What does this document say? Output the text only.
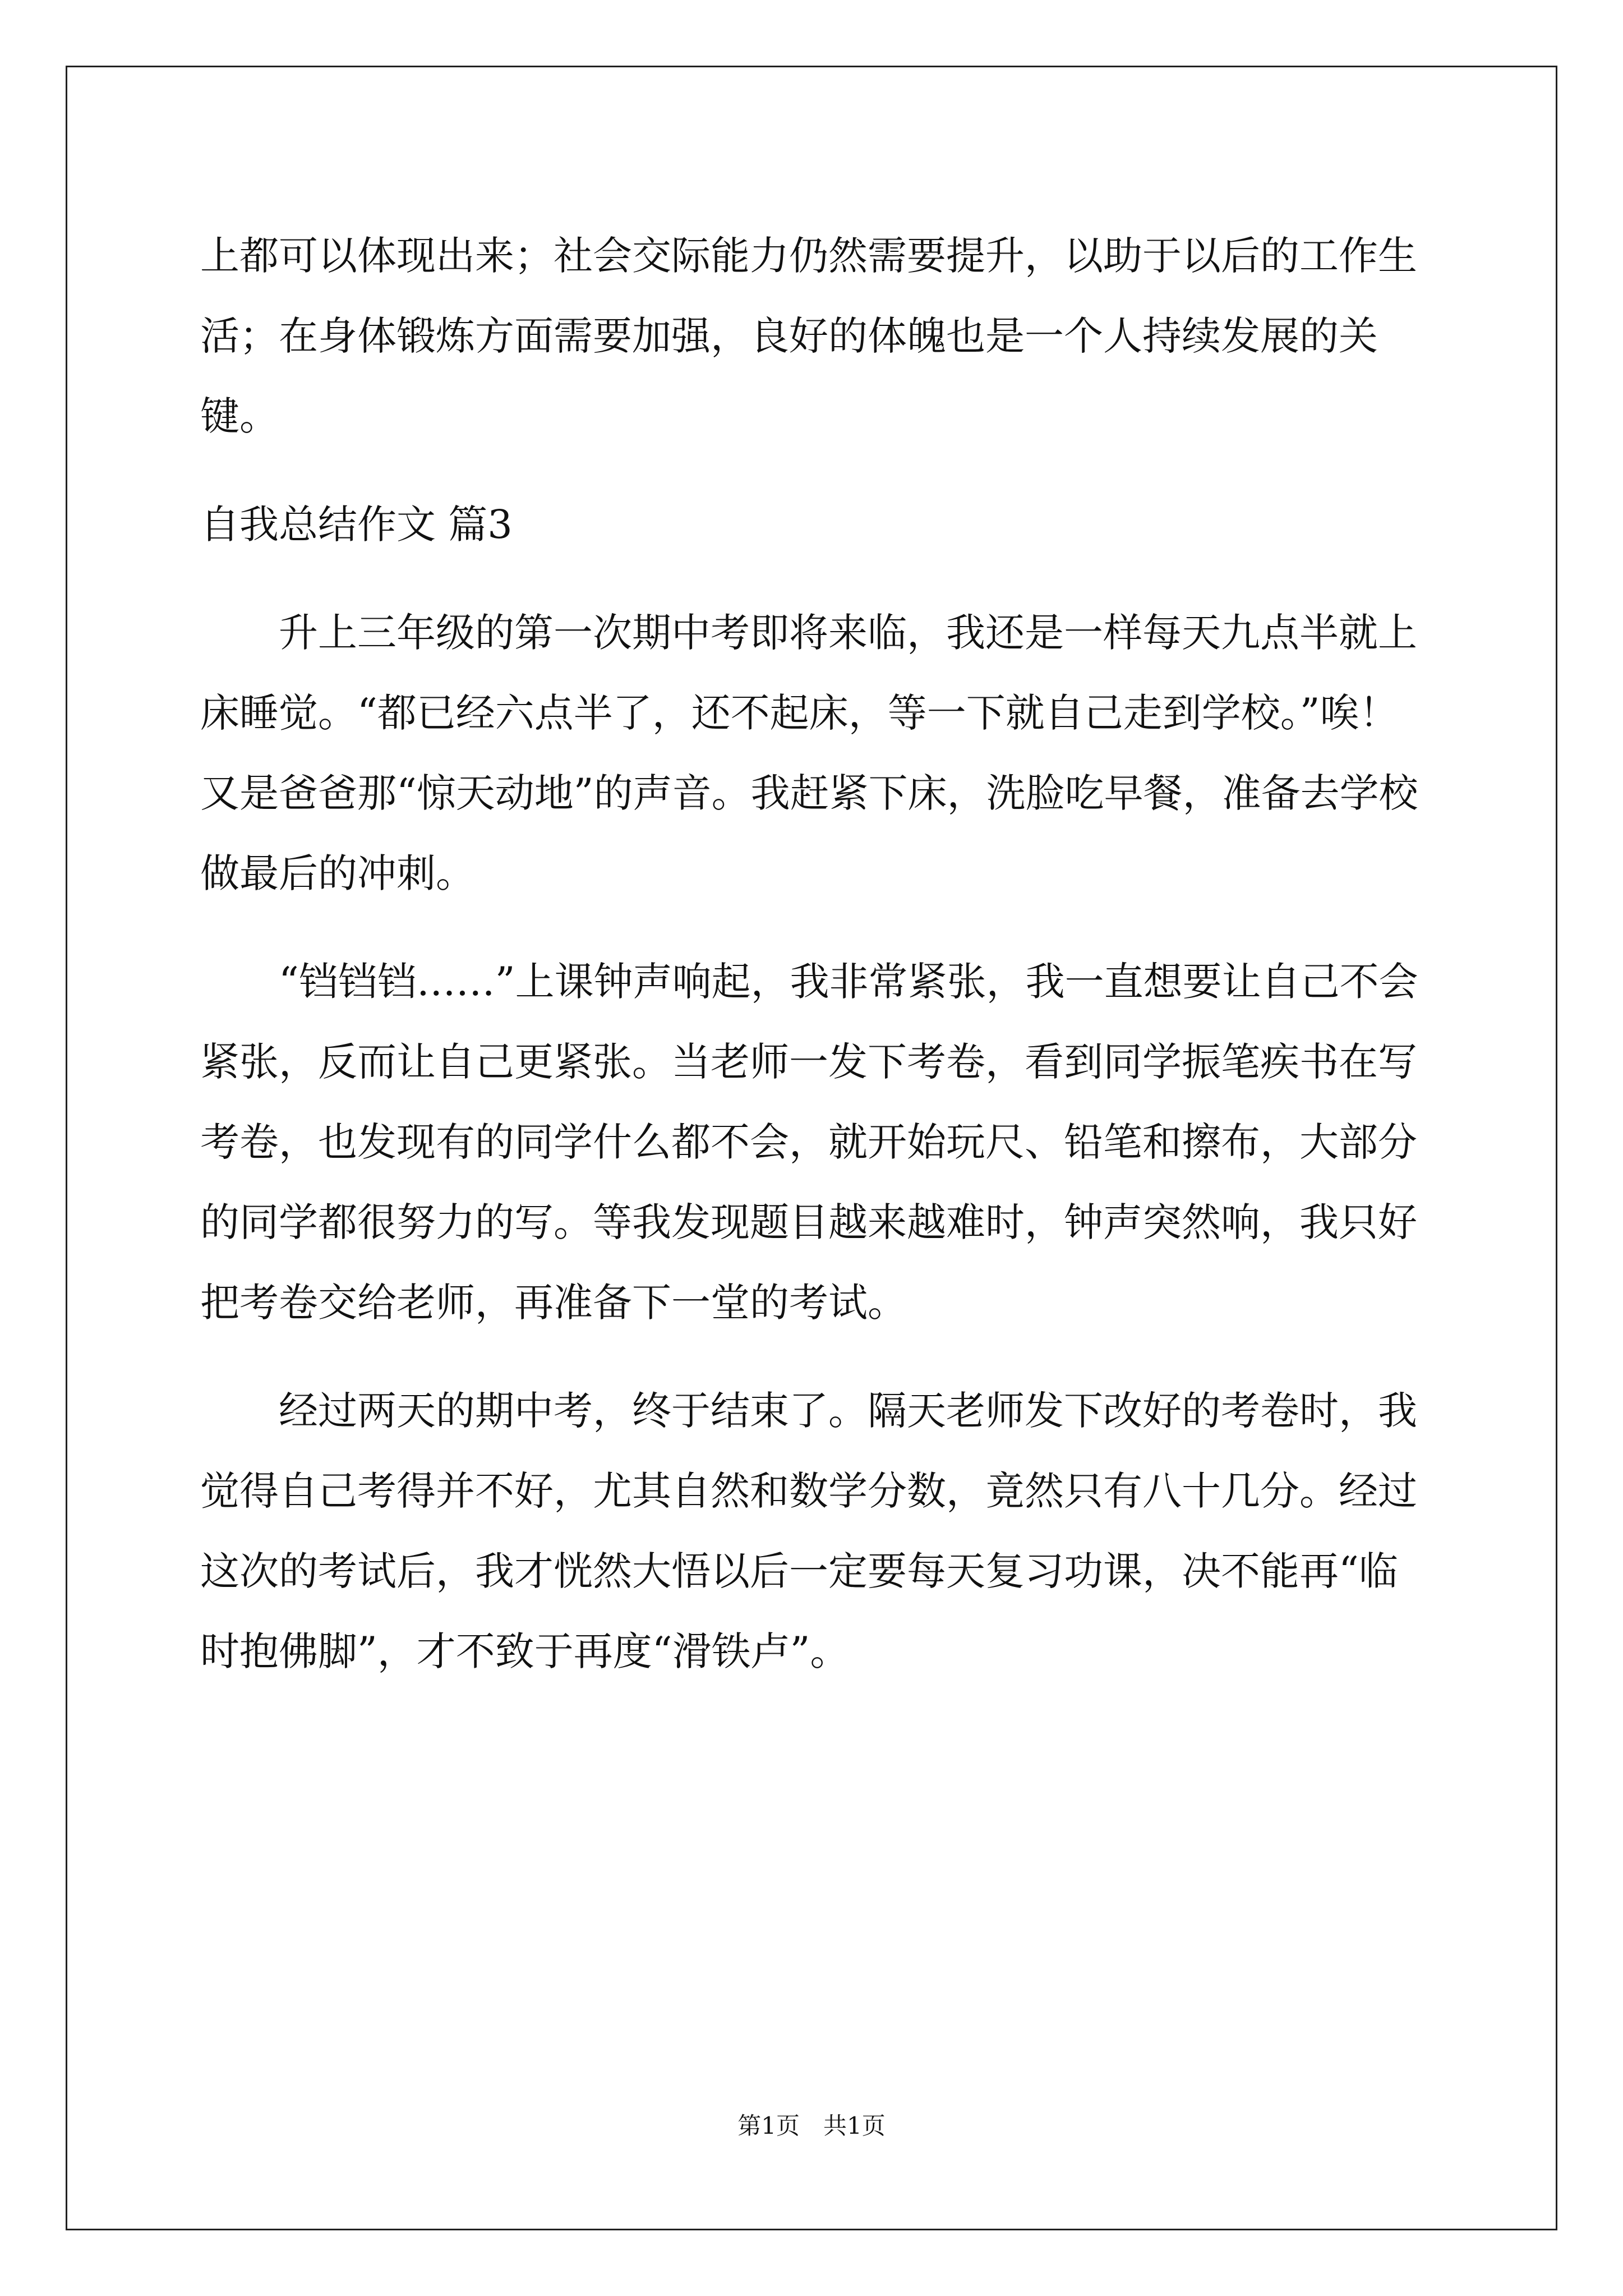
上都可以体现出来；社会交际能力仍然需要提升，以助于以后的工作生活；在身体锻炼方面需要加强，良好的体魄也是一个人持续发展的关键。

自我总结作文 篇3

升上三年级的第一次期中考即将来临，我还是一样每天九点半就上床睡觉。“都已经六点半了，还不起床，等一下就自己走到学校。”唉！又是爸爸那“惊天动地”的声音。我赶紧下床，洗脸吃早餐，准备去学校做最后的冲刺。

“铛铛铛……”上课钟声响起，我非常紧张，我一直想要让自己不会紧张，反而让自己更紧张。当老师一发下考卷，看到同学振笔疾书在写考卷，也发现有的同学什么都不会，就开始玩尺、铅笔和擦布，大部分的同学都很努力的写。等我发现题目越来越难时，钟声突然响，我只好把考卷交给老师，再准备下一堂的考试。

经过两天的期中考，终于结束了。隔天老师发下改好的考卷时，我觉得自己考得并不好，尤其自然和数学分数，竟然只有八十几分。经过这次的考试后，我才恍然大悟以后一定要每天复习功课，决不能再“临时抱佛脚”，才不致于再度“滑铁卢”。

第1页　共1页
